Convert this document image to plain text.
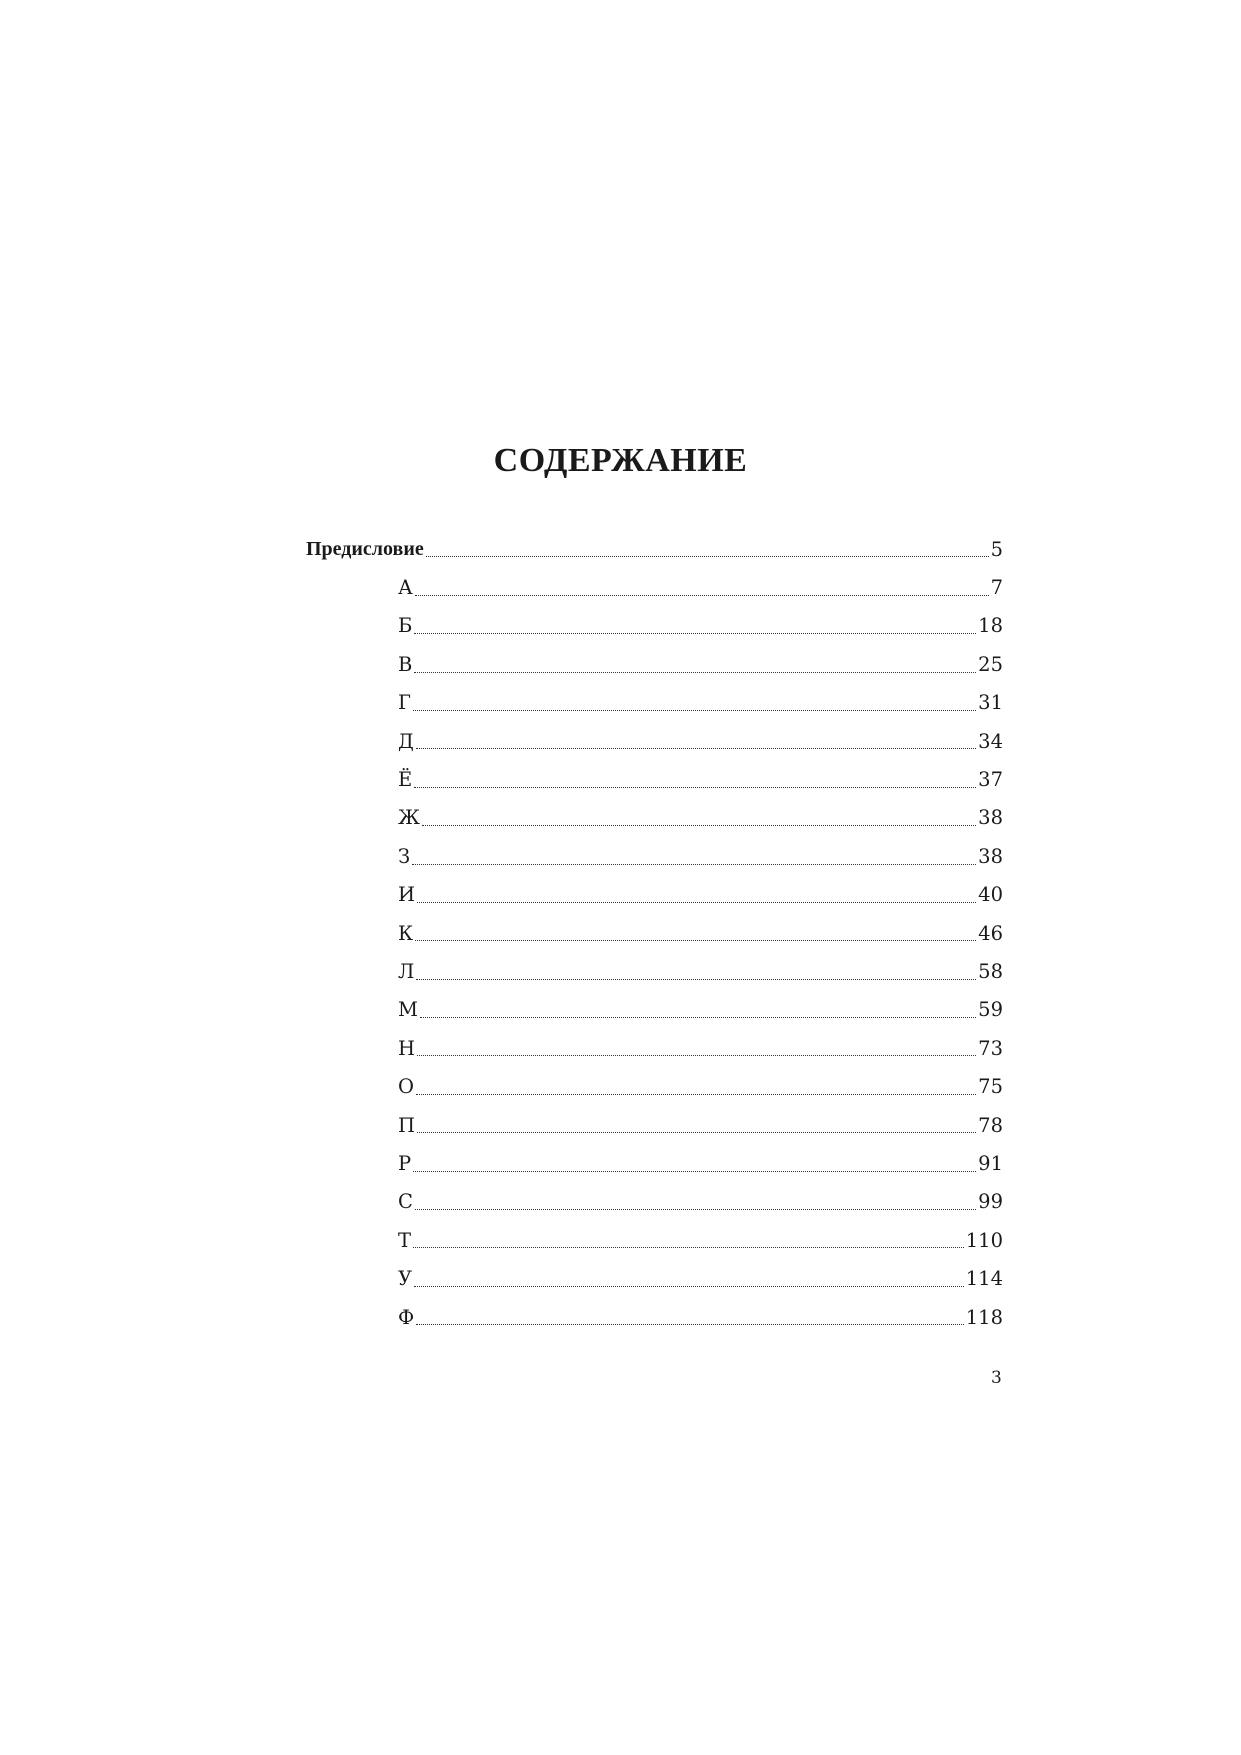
СОДЕРЖАНИЕ
Предисловие	5
А	7
Б	18
В	25
Г	31
Д	34
Ё	37
Ж	38
З	38
И	40
К	46
Л	58
М	59
Н	73
О	75
П	78
Р	91
С	99
Т	110
У	114
Ф	118
3
